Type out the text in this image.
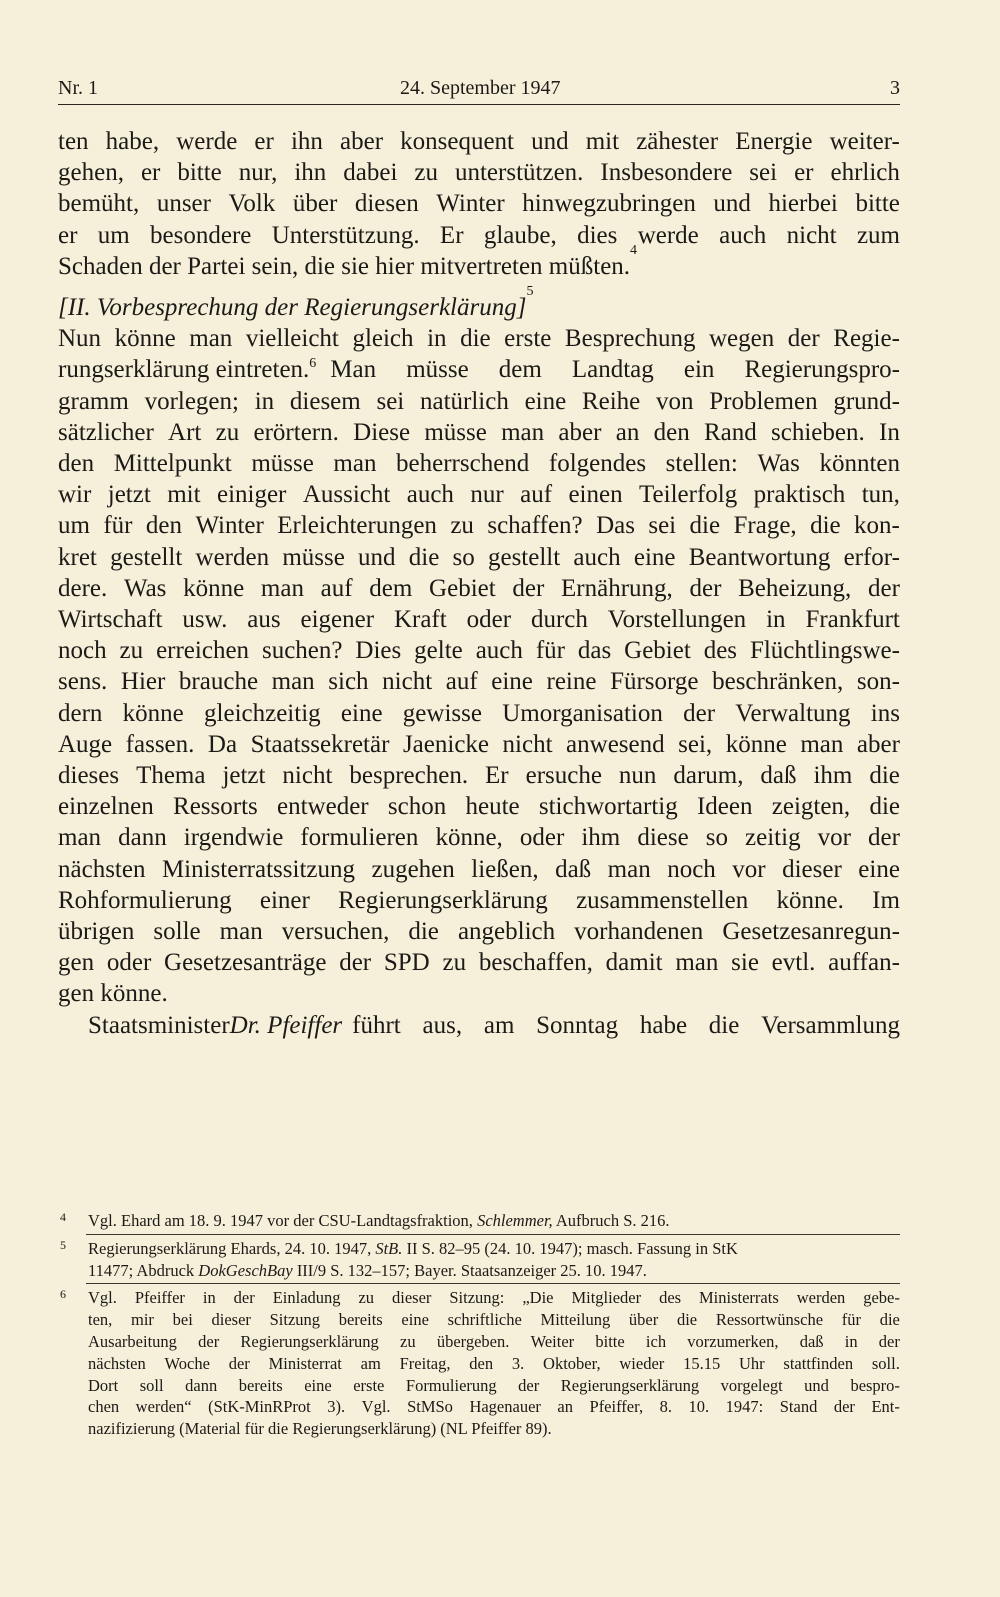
Nr. 1	24. September 1947	3
ten habe, werde er ihn aber konsequent und mit zähester Energie weiter-
gehen, er bitte nur, ihn dabei zu unterstützen. Insbesondere sei er ehrlich
bemüht, unser Volk über diesen Winter hinwegzubringen und hierbei bitte
er um besondere Unterstützung. Er glaube, dies werde auch nicht zum
Schaden der Partei sein, die sie hier mitvertreten müßten.
4
[II. Vorbesprechung der Regierungserklärung]
5
Nun könne man vielleicht gleich in die erste Besprechung wegen der Regie-
rungserklärung eintreten.$^6$ Man müsse dem Landtag ein Regierungspro-
gramm vorlegen; in diesem sei natürlich eine Reihe von Problemen grund-
sätzlicher Art zu erörtern. Diese müsse man aber an den Rand schieben. In
den Mittelpunkt müsse man beherrschend folgendes stellen: Was könnten
wir jetzt mit einiger Aussicht auch nur auf einen Teilerfolg praktisch tun,
um für den Winter Erleichterungen zu schaffen? Das sei die Frage, die kon-
kret gestellt werden müsse und die so gestellt auch eine Beantwortung erfor-
dere. Was könne man auf dem Gebiet der Ernährung, der Beheizung, der
Wirtschaft usw. aus eigener Kraft oder durch Vorstellungen in Frankfurt
noch zu erreichen suchen? Dies gelte auch für das Gebiet des Flüchtlingswe-
sens. Hier brauche man sich nicht auf eine reine Fürsorge beschränken, son-
dern könne gleichzeitig eine gewisse Umorganisation der Verwaltung ins
Auge fassen. Da Staatssekretär Jaenicke nicht anwesend sei, könne man aber
dieses Thema jetzt nicht besprechen. Er ersuche nun darum, daß ihm die
einzelnen Ressorts entweder schon heute stichwortartig Ideen zeigten, die
man dann irgendwie formulieren könne, oder ihm diese so zeitig vor der
nächsten Ministerratssitzung zugehen ließen, daß man noch vor dieser eine
Rohformulierung einer Regierungserklärung zusammenstellen könne. Im
übrigen solle man versuchen, die angeblich vorhandenen Gesetzesanregun-
gen oder Gesetzesanträge der SPD zu beschaffen, damit man sie evtl. auffan-
gen könne.
Staatsminister Dr. Pfeiffer führt aus, am Sonntag habe die Versammlung
4 Vgl. Ehard am 18. 9. 1947 vor der CSU-Landtagsfraktion, Schlemmer, Aufbruch S. 216.
5 Regierungserklärung Ehards, 24. 10. 1947, StB. II S. 82–95 (24. 10. 1947); masch. Fassung in StK
11477; Abdruck DokGeschBay III/9 S. 132–157; Bayer. Staatsanzeiger 25. 10. 1947.
6 Vgl. Pfeiffer in der Einladung zu dieser Sitzung: „Die Mitglieder des Ministerrats werden gebe-
ten, mir bei dieser Sitzung bereits eine schriftliche Mitteilung über die Ressortwünsche für die
Ausarbeitung der Regierungserklärung zu übergeben. Weiter bitte ich vorzumerken, daß in der
nächsten Woche der Ministerrat am Freitag, den 3. Oktober, wieder 15.15 Uhr stattfinden soll.
Dort soll dann bereits eine erste Formulierung der Regierungserklärung vorgelegt und bespro-
chen werden“ (StK-MinRProt 3). Vgl. StMSo Hagenauer an Pfeiffer, 8. 10. 1947: Stand der Ent-
nazifizierung (Material für die Regierungserklärung) (NL Pfeiffer 89).
